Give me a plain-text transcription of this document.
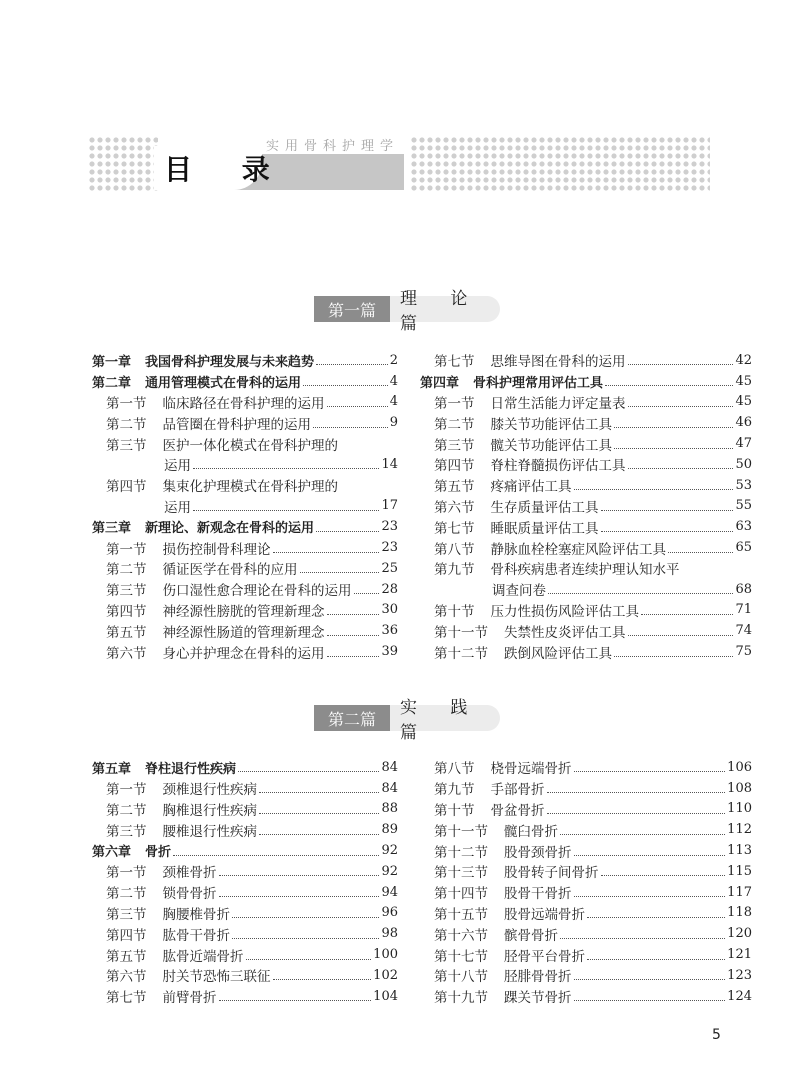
实用骨科护理学
目 录
第一篇
理 论 篇
第一章	我国骨科护理发展与未来趋势	2
第二章	通用管理模式在骨科的运用	4
第一节	临床路径在骨科护理的运用	4
第二节	品管圈在骨科护理的运用	9
第三节	医护一体化模式在骨科护理的
运用	14
第四节	集束化护理模式在骨科护理的
运用	17
第三章	新理论、新观念在骨科的运用	23
第一节	损伤控制骨科理论	23
第二节	循证医学在骨科的应用	25
第三节	伤口湿性愈合理论在骨科的运用 28
第四节	神经源性膀胱的管理新理念	30
第五节	神经源性肠道的管理新理念	36
第六节	身心并护理念在骨科的运用	39
第七节	思维导图在骨科的运用	42
第四章	骨科护理常用评估工具	45
第一节	日常生活能力评定量表	45
第二节	膝关节功能评估工具	46
第三节	髋关节功能评估工具	47
第四节	脊柱脊髓损伤评估工具	50
第五节	疼痛评估工具	53
第六节	生存质量评估工具	55
第七节	睡眠质量评估工具	63
第八节	静脉血栓栓塞症风险评估工具	65
第九节	骨科疾病患者连续护理认知水平
调查问卷	68
第十节	压力性损伤风险评估工具	71
第十一节	失禁性皮炎评估工具	74
第十二节	跌倒风险评估工具	75
第二篇
实 践 篇
第五章	脊柱退行性疾病	84
第一节	颈椎退行性疾病	84
第二节	胸椎退行性疾病	88
第三节	腰椎退行性疾病	89
第六章	骨折	92
第一节	颈椎骨折	92
第二节	锁骨骨折	94
第三节	胸腰椎骨折	96
第四节	肱骨干骨折	98
第五节	肱骨近端骨折	100
第六节	肘关节恐怖三联征	102
第七节	前臂骨折	104
第八节	桡骨远端骨折	106
第九节	手部骨折	108
第十节	骨盆骨折	110
第十一节	髋臼骨折	112
第十二节	股骨颈骨折	113
第十三节	股骨转子间骨折	115
第十四节	股骨干骨折	117
第十五节	股骨远端骨折	118
第十六节	髌骨骨折	120
第十七节	胫骨平台骨折	121
第十八节	胫腓骨骨折	123
第十九节	踝关节骨折	124
5
